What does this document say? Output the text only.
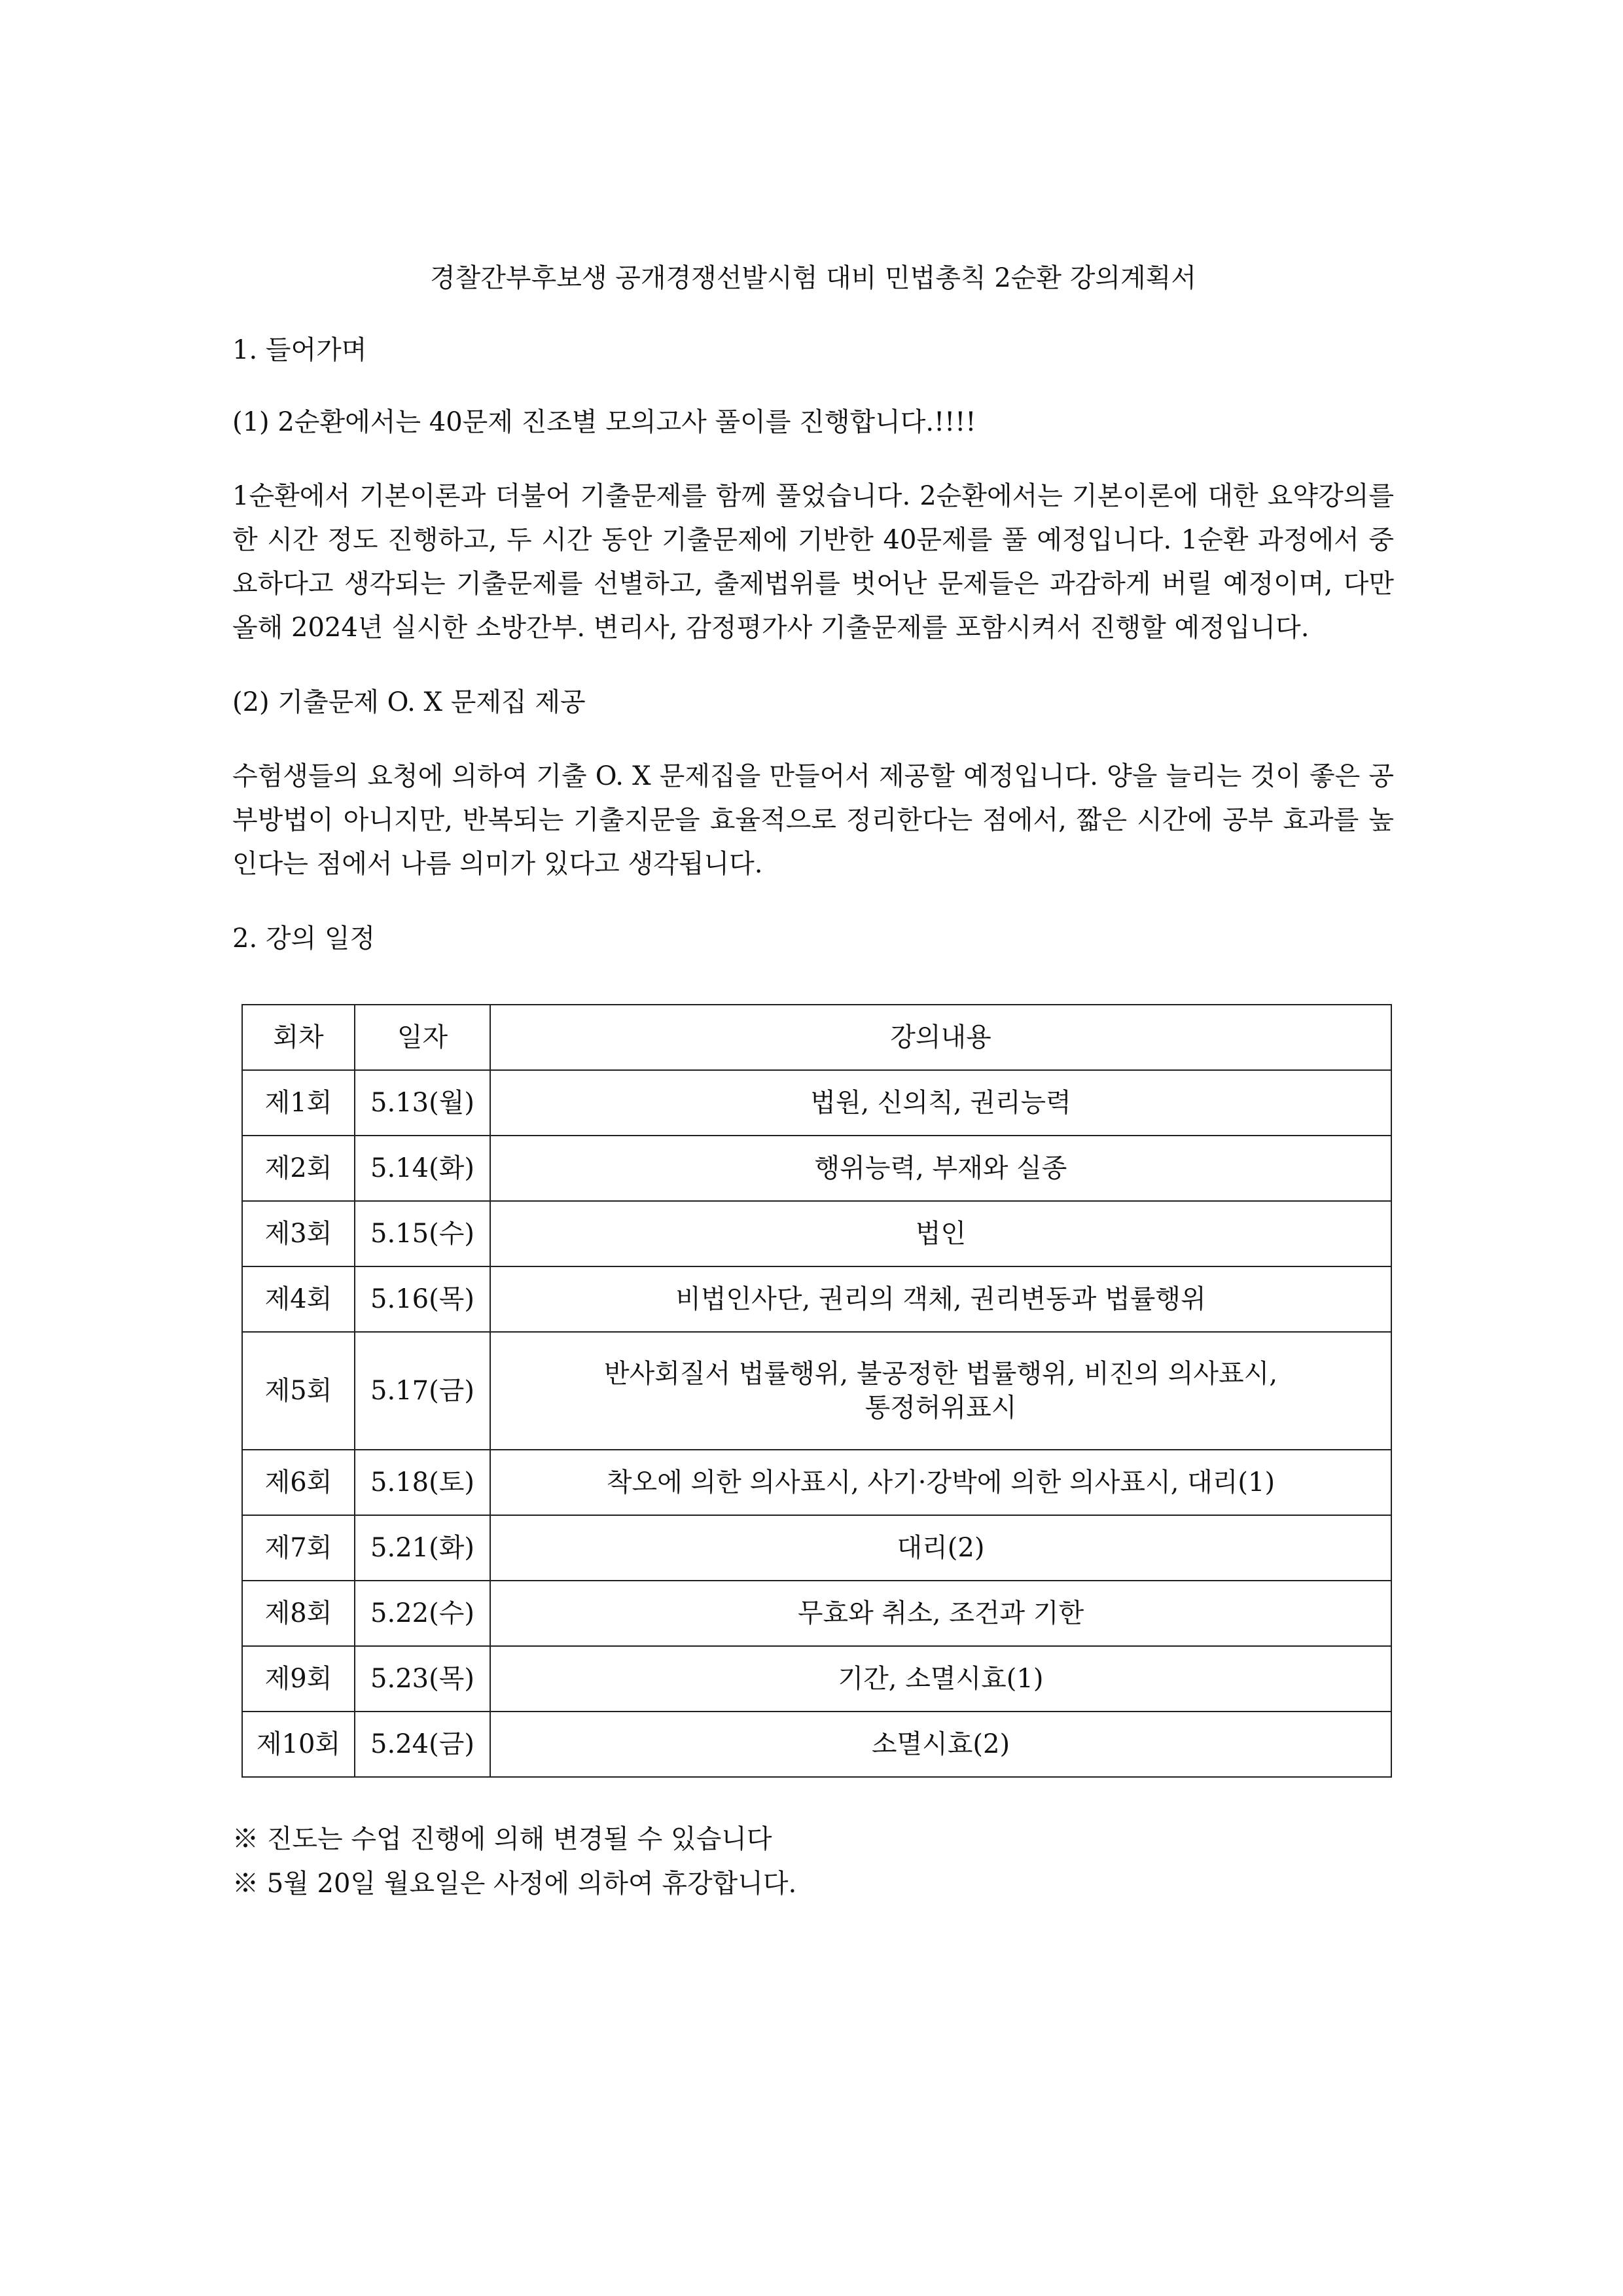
경찰간부후보생 공개경쟁선발시험 대비 민법총칙 2순환 강의계획서
1. 들어가며
(1) 2순환에서는 40문제 진조별 모의고사 풀이를 진행합니다.!!!!

1순환에서 기본이론과 더불어 기출문제를 함께 풀었습니다. 2순환에서는 기본이론에 대한 요약강의를 한 시간 정도 진행하고, 두 시간 동안 기출문제에 기반한 40문제를 풀 예정입니다. 1순환 과정에서 중요하다고 생각되는 기출문제를 선별하고, 출제법위를 벗어난 문제들은 과감하게 버릴 예정이며, 다만 올해 2024년 실시한 소방간부. 변리사, 감정평가사 기출문제를 포함시켜서 진행할 예정입니다.

(2) 기출문제 O. X 문제집 제공

수험생들의 요청에 의하여 기출 O. X 문제집을 만들어서 제공할 예정입니다. 양을 늘리는 것이 좋은 공부방법이 아니지만, 반복되는 기출지문을 효율적으로 정리한다는 점에서, 짧은 시간에 공부 효과를 높인다는 점에서 나름 의미가 있다고 생각됩니다.

2. 강의 일정
회차	일자	강의내용
제1회	5.13(월)	법원, 신의칙, 권리능력
제2회	5.14(화)	행위능력, 부재와 실종
제3회	5.15(수)	법인
제4회	5.16(목)	비법인사단, 권리의 객체, 권리변동과 법률행위
제5회	5.17(금)	반사회질서 법률행위, 불공정한 법률행위, 비진의 의사표시,
통정허위표시

제6회	5.18(토)	착오에 의한 의사표시, 사기·강박에 의한 의사표시, 대리(1)
제7회	5.21(화)	대리(2)
제8회	5.22(수)	무효와 취소, 조건과 기한
제9회	5.23(목)	기간, 소멸시효(1)
제10회	5.24(금)	소멸시효(2)
※ 진도는 수업 진행에 의해 변경될 수 있습니다
※ 5월 20일 월요일은 사정에 의하여 휴강합니다.
